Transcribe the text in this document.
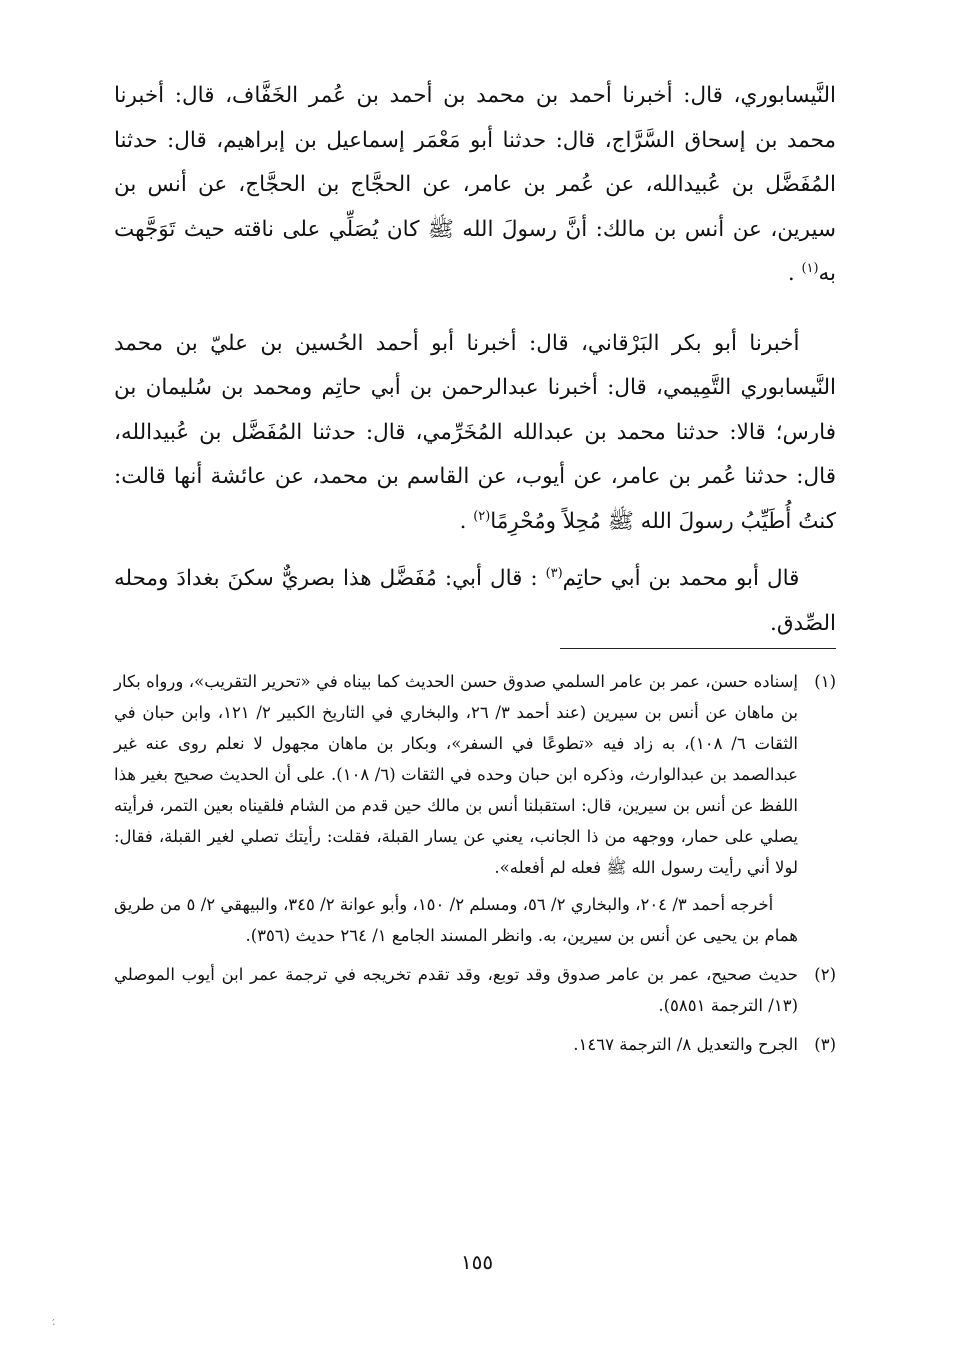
النَّيسابوري، قال: أخبرنا أحمد بن محمد بن أحمد بن عُمر الخَفَّاف، قال: أخبرنا محمد بن إسحاق السَّرَّاج، قال: حدثنا أبو مَعْمَر إسماعيل بن إبراهيم، قال: حدثنا المُفَضَّل بن عُبيدالله، عن عُمر بن عامر، عن الحجَّاج بن الحجَّاج، عن أنس بن سيرين، عن أنس بن مالك: أنَّ رسولَ الله ﷺ كان يُصَلِّي على ناقته حيث تَوَجَّهت به$^{(١)}$ .

أخبرنا أبو بكر البَرْقاني، قال: أخبرنا أبو أحمد الحُسين بن عليّ بن محمد النَّيسابوري التَّمِيمي، قال: أخبرنا عبدالرحمن بن أبي حاتِم ومحمد بن سُليمان بن فارس؛ قالا: حدثنا محمد بن عبدالله المُخَرِّمي، قال: حدثنا المُفَضَّل بن عُبيدالله، قال: حدثنا عُمر بن عامر، عن أيوب، عن القاسم بن محمد، عن عائشة أنها قالت: كنتُ أُطَيِّبُ رسولَ الله ﷺ مُحِلاً ومُحْرِمًا$^{(٢)}$ .

قال أبو محمد بن أبي حاتِم$^{(٣)}$ : قال أبي: مُفَضَّل هذا بصريٌّ سكنَ بغدادَ ومحله الصِّدق.

(١)

إسناده حسن، عمر بن عامر السلمي صدوق حسن الحديث كما بيناه في «تحرير التقريب»، ورواه بكار بن ماهان عن أنس بن سيرين (عند أحمد ٣/ ٢٦، والبخاري في التاريخ الكبير ٢/ ١٢١، وابن حبان في الثقات ٦/ ١٠٨)، به زاد فيه «تطوعًا في السفر»، وبكار بن ماهان مجهول لا نعلم روى عنه غير عبدالصمد بن عبدالوارث، وذكره ابن حبان وحده في الثقات (٦/ ١٠٨). على أن الحديث صحيح بغير هذا اللفظ عن أنس بن سيرين، قال: استقبلنا أنس بن مالك حين قدم من الشام فلقيناه بعين التمر، فرأيته يصلي على حمار، ووجهه من ذا الجانب، يعني عن يسار القبلة، فقلت: رأيتك تصلي لغير القبلة، فقال: لولا أني رأيت رسول الله ﷺ فعله لم أفعله».

أخرجه أحمد ٣/ ٢٠٤، والبخاري ٢/ ٥٦، ومسلم ٢/ ١٥٠، وأبو عوانة ٢/ ٣٤٥، والبيهقي ٢/ ٥ من طريق همام بن يحيى عن أنس بن سيرين، به. وانظر المسند الجامع ١/ ٢٦٤ حديث (٣٥٦).

(٢)

حديث صحيح، عمر بن عامر صدوق وقد توبع، وقد تقدم تخريجه في ترجمة عمر ابن أيوب الموصلي (١٣/ الترجمة ٥٨٥١).

(٣)

الجرح والتعديل ٨/ الترجمة ١٤٦٧.

١٥٥
·́
